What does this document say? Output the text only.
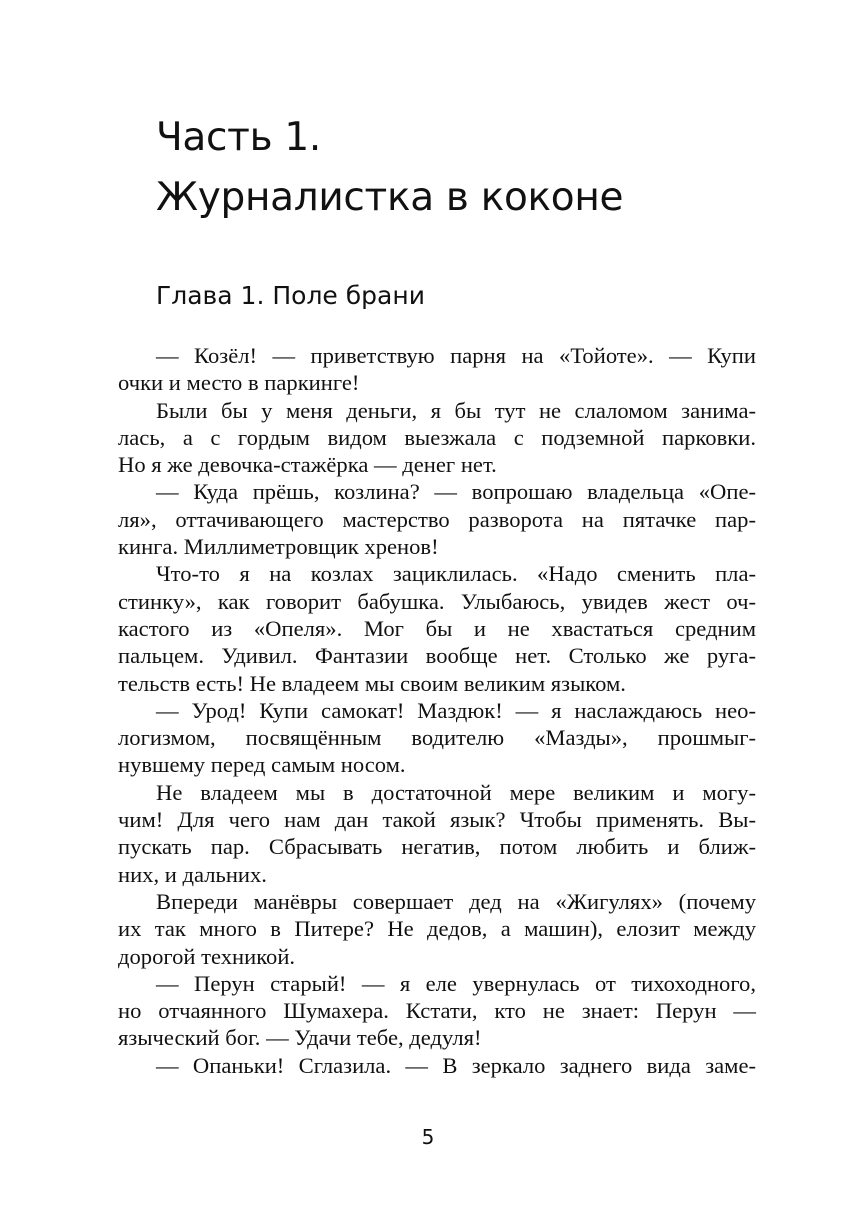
Часть 1.
Журналистка в коконе
Глава 1. Поле брани
— Козёл! — приветствую парня на «Тойоте». — Купи
очки и место в паркинге!
Были бы у меня деньги, я бы тут не слаломом занима-
лась, а с гордым видом выезжала с подземной парковки.
Но я же девочка-стажёрка — денег нет.
— Куда прёшь, козлина? — вопрошаю владельца «Опе-
ля», оттачивающего мастерство разворота на пятачке пар-
кинга. Миллиметровщик хренов!
Что-то я на козлах зациклилась. «Надо сменить пла-
стинку», как говорит бабушка. Улыбаюсь, увидев жест оч-
кастого из «Опеля». Мог бы и не хвастаться средним
пальцем. Удивил. Фантазии вообще нет. Столько же руга-
тельств есть! Не владеем мы своим великим языком.
— Урод! Купи самокат! Маздюк! — я наслаждаюсь нео-
логизмом, посвящённым водителю «Мазды», прошмыг-
нувшему перед самым носом.
Не владеем мы в достаточной мере великим и могу-
чим! Для чего нам дан такой язык? Чтобы применять. Вы-
пускать пар. Сбрасывать негатив, потом любить и ближ-
них, и дальних.
Впереди манёвры совершает дед на «Жигулях» (почему
их так много в Питере? Не дедов, а машин), елозит между
дорогой техникой.
— Перун старый! — я еле увернулась от тихоходного,
но отчаянного Шумахера. Кстати, кто не знает: Перун —
языческий бог. — Удачи тебе, дедуля!
— Опаньки! Сглазила. — В зеркало заднего вида заме-
5
